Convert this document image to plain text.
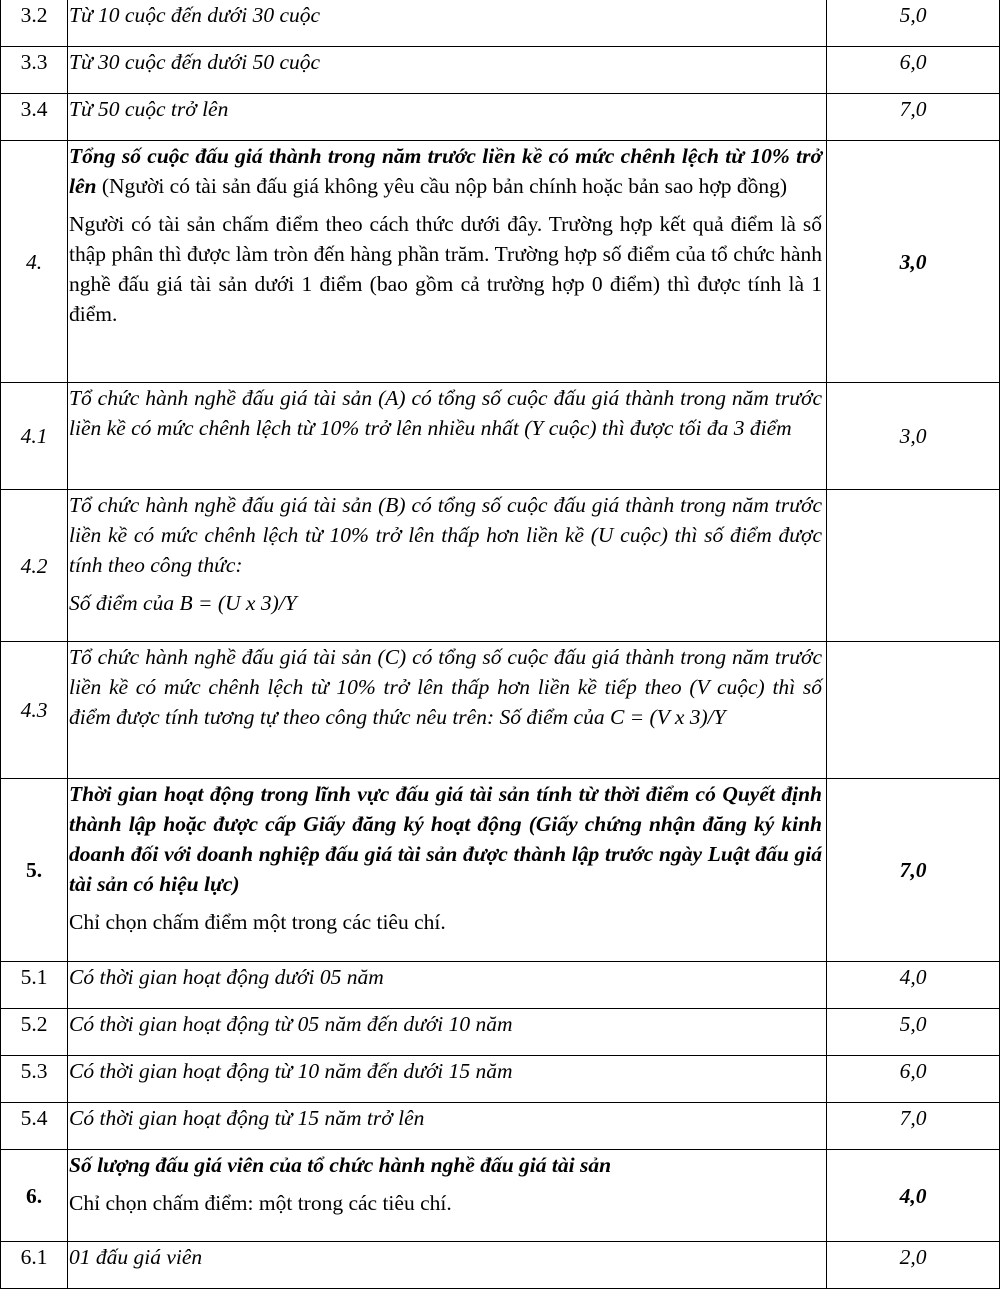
3.2	Từ 10 cuộc đến dưới 30 cuộc	5,0
3.3	Từ 30 cuộc đến dưới 50 cuộc	6,0
3.4	Từ 50 cuộc trở lên	7,0
4.	Tổng số cuộc đấu giá thành trong năm trước liền kề có mức chênh lệch từ 10% trở lên (Người có tài sản đấu giá không yêu cầu nộp bản chính hoặc bản sao hợp đồng)

Người có tài sản chấm điểm theo cách thức dưới đây. Trường hợp kết quả điểm là số thập phân thì được làm tròn đến hàng phần trăm. Trường hợp số điểm của tổ chức hành nghề đấu giá tài sản dưới 1 điểm (bao gồm cả trường hợp 0 điểm) thì được tính là 1 điểm.	3,0
4.1	Tổ chức hành nghề đấu giá tài sản (A) có tổng số cuộc đấu giá thành trong năm trước liền kề có mức chênh lệch từ 10% trở lên nhiều nhất (Y cuộc) thì được tối đa 3 điểm	3,0
4.2	Tổ chức hành nghề đấu giá tài sản (B) có tổng số cuộc đấu giá thành trong năm trước liền kề có mức chênh lệch từ 10% trở lên thấp hơn liền kề (U cuộc) thì số điểm được tính theo công thức:

Số điểm của B = (U x 3)/Y	

4.3	Tổ chức hành nghề đấu giá tài sản (C) có tổng số cuộc đấu giá thành trong năm trước liền kề có mức chênh lệch từ 10% trở lên thấp hơn liền kề tiếp theo (V cuộc) thì số điểm được tính tương tự theo công thức nêu trên: Số điểm của C = (V x 3)/Y	
5.	Thời gian hoạt động trong lĩnh vực đấu giá tài sản tính từ thời điểm có Quyết định thành lập hoặc được cấp Giấy đăng ký hoạt động (Giấy chứng nhận đăng ký kinh doanh đối với doanh nghiệp đấu giá tài sản được thành lập trước ngày Luật đấu giá tài sản có hiệu lực)

Chỉ chọn chấm điểm một trong các tiêu chí.	7,0
5.1	Có thời gian hoạt động dưới 05 năm	4,0
5.2	Có thời gian hoạt động từ 05 năm đến dưới 10 năm	5,0
5.3	Có thời gian hoạt động từ 10 năm đến dưới 15 năm	6,0
5.4	Có thời gian hoạt động từ 15 năm trở lên	7,0
6.	Số lượng đấu giá viên của tổ chức hành nghề đấu giá tài sản

Chỉ chọn chấm điểm: một trong các tiêu chí.	4,0
6.1	01 đấu giá viên	2,0
